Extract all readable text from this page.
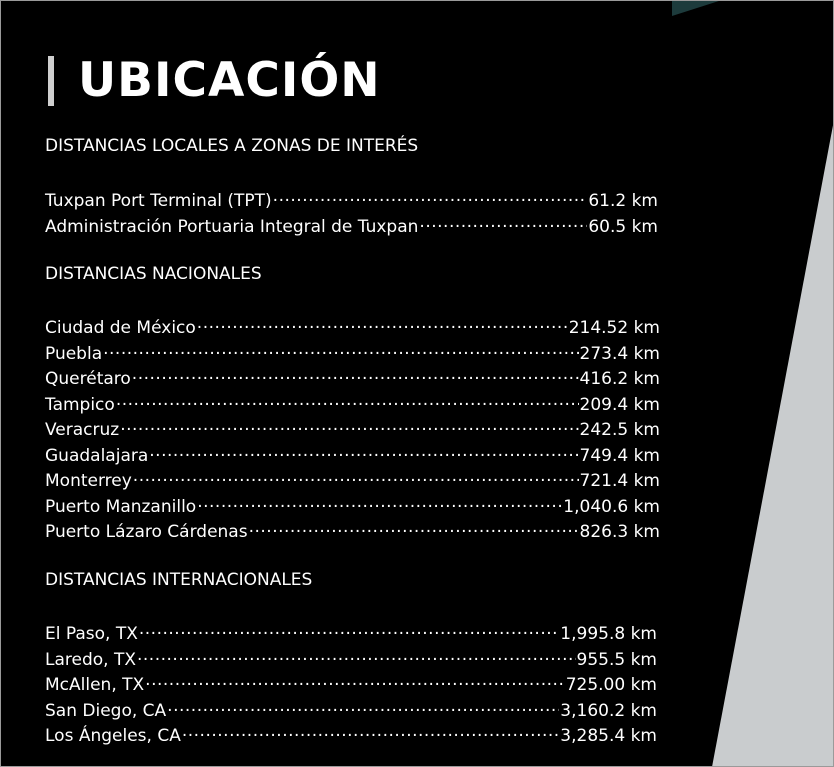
UBICACIÓN
DISTANCIAS LOCALES A ZONAS DE INTERÉS
Tuxpan Port Terminal (TPT) .....	61.2 km
Administración Portuaria Integral de Tuxpan .....	60.5 km
DISTANCIAS NACIONALES
Ciudad de México .....	214.52 km
Puebla .....	273.4 km
Querétaro .....	416.2 km
Tampico .....	209.4 km
Veracruz .....	242.5 km
Guadalajara .....	749.4 km
Monterrey .....	721.4 km
Puerto Manzanillo .....	1,040.6 km
Puerto Lázaro Cárdenas .....	826.3 km
DISTANCIAS INTERNACIONALES
El Paso, TX .....	1,995.8 km
Laredo, TX .....	955.5 km
McAllen, TX .....	725.00 km
San Diego, CA .....	3,160.2 km
Los Ángeles, CA .....	3,285.4 km
